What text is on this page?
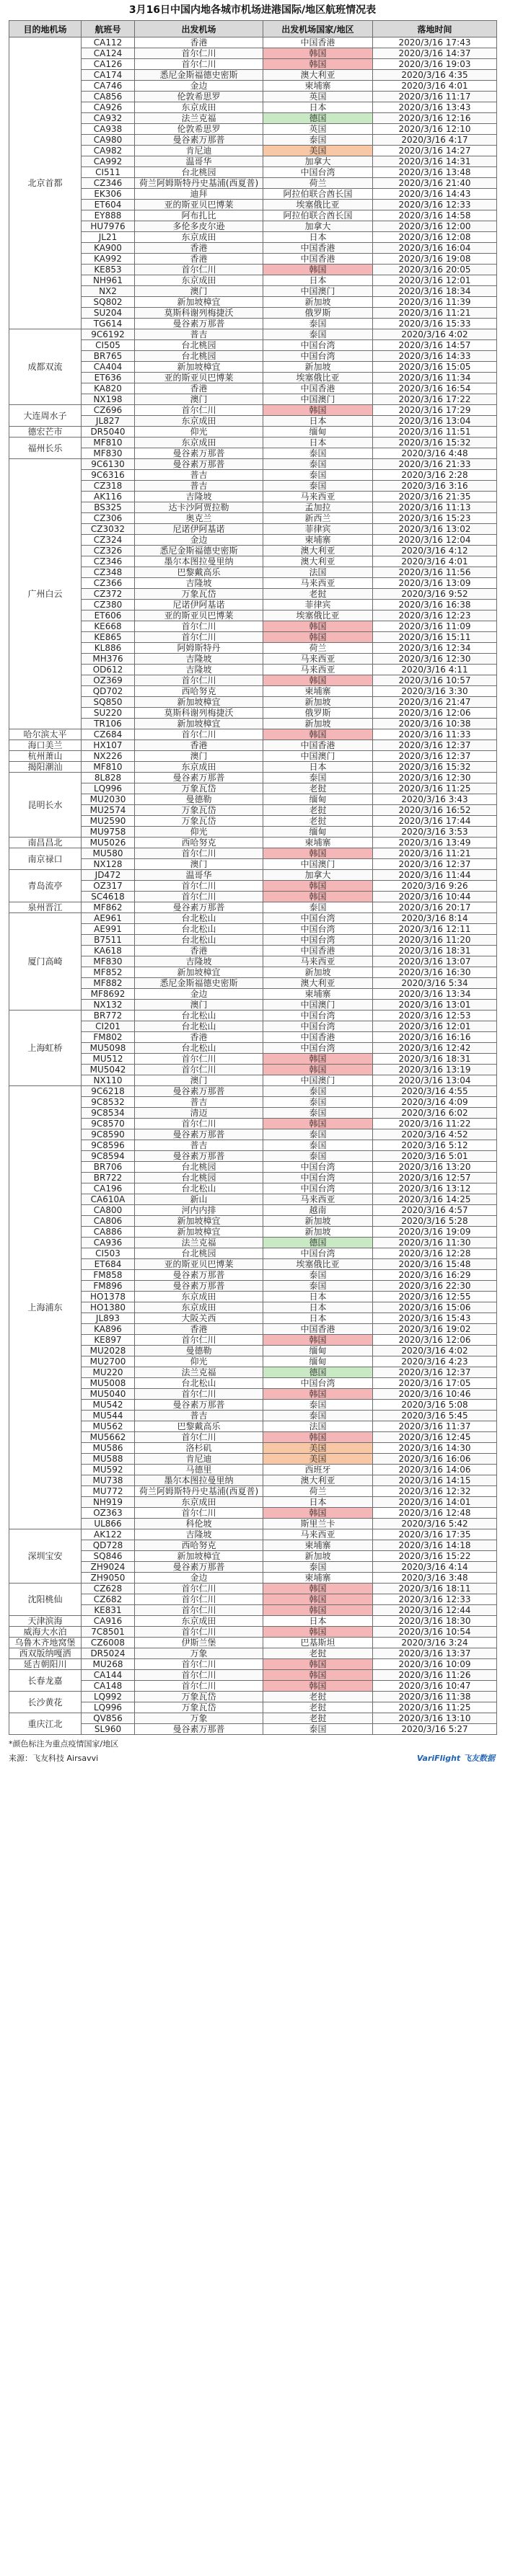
3月16日中国内地各城市机场进港国际/地区航班情况表
目的地机场	航班号	出发机场	出发机场国家/地区	落地时间
北京首都	CA112	香港	中国香港	2020/3/16 17:43
	CA124	首尔仁川	韩国	2020/3/16 14:37
	CA126	首尔仁川	韩国	2020/3/16 19:03
	CA174	悉尼金斯福德史密斯	澳大利亚	2020/3/16 4:35
	CA746	金边	柬埔寨	2020/3/16 4:01
	CA856	伦敦希思罗	英国	2020/3/16 11:17
	CA926	东京成田	日本	2020/3/16 13:43
	CA932	法兰克福	德国	2020/3/16 12:16
	CA938	伦敦希思罗	英国	2020/3/16 12:10
	CA980	曼谷素万那普	泰国	2020/3/16 4:17
	CA982	肯尼迪	美国	2020/3/16 14:27
	CA992	温哥华	加拿大	2020/3/16 14:31
	CI511	台北桃园	中国台湾	2020/3/16 13:48
	CZ346	荷兰阿姆斯特丹史基浦(西夏普)	荷兰	2020/3/16 21:40
	EK306	迪拜	阿拉伯联合酋长国	2020/3/16 14:43
	ET604	亚的斯亚贝巴博莱	埃塞俄比亚	2020/3/16 12:33
	EY888	阿布扎比	阿拉伯联合酋长国	2020/3/16 14:58
	HU7976	多伦多皮尔逊	加拿大	2020/3/16 12:00
	JL21	东京成田	日本	2020/3/16 12:08
	KA900	香港	中国香港	2020/3/16 16:04
	KA992	香港	中国香港	2020/3/16 19:08
	KE853	首尔仁川	韩国	2020/3/16 20:05
	NH961	东京成田	日本	2020/3/16 12:01
	NX2	澳门	中国澳门	2020/3/16 18:34
	SQ802	新加坡樟宜	新加坡	2020/3/16 11:39
	SU204	莫斯科谢列梅捷沃	俄罗斯	2020/3/16 11:21
	TG614	曼谷素万那普	泰国	2020/3/16 15:33
成都双流	9C6192	普吉	泰国	2020/3/16 4:02
	CI505	台北桃园	中国台湾	2020/3/16 14:57
	BR765	台北桃园	中国台湾	2020/3/16 14:33
	CA404	新加坡樟宜	新加坡	2020/3/16 15:05
	ET636	亚的斯亚贝巴博莱	埃塞俄比亚	2020/3/16 11:34
	KA820	香港	中国香港	2020/3/16 16:54
	NX198	澳门	中国澳门	2020/3/16 17:22
大连周水子	CZ696	首尔仁川	韩国	2020/3/16 17:29
	JL827	东京成田	日本	2020/3/16 13:04
德宏芒市	DR5040	仰光	缅甸	2020/3/16 11:51
福州长乐	MF810	东京成田	日本	2020/3/16 15:32
	MF830	曼谷素万那普	泰国	2020/3/16 4:48
广州白云	9C6130	曼谷素万那普	泰国	2020/3/16 21:33
	9C6316	普吉	泰国	2020/3/16 2:28
	CZ318	普吉	泰国	2020/3/16 3:16
	AK116	吉隆坡	马来西亚	2020/3/16 21:35
	BS325	达卡沙阿贾拉勒	孟加拉	2020/3/16 11:13
	CZ306	奥克兰	新西兰	2020/3/16 15:23
	CZ3032	尼诺伊阿基诺	菲律宾	2020/3/16 13:02
	CZ324	金边	柬埔寨	2020/3/16 12:04
	CZ326	悉尼金斯福德史密斯	澳大利亚	2020/3/16 4:12
	CZ346	墨尔本图拉曼里纳	澳大利亚	2020/3/16 4:01
	CZ348	巴黎戴高乐	法国	2020/3/16 11:56
	CZ366	吉隆坡	马来西亚	2020/3/16 13:09
	CZ372	万象瓦岱	老挝	2020/3/16 9:52
	CZ380	尼诺伊阿基诺	菲律宾	2020/3/16 16:38
	ET606	亚的斯亚贝巴博莱	埃塞俄比亚	2020/3/16 12:23
	KE668	首尔仁川	韩国	2020/3/16 11:09
	KE865	首尔仁川	韩国	2020/3/16 15:11
	KL886	阿姆斯特丹	荷兰	2020/3/16 12:34
	MH376	吉隆坡	马来西亚	2020/3/16 12:30
	OD612	吉隆坡	马来西亚	2020/3/16 4:11
	OZ369	首尔仁川	韩国	2020/3/16 10:57
	QD702	西哈努克	柬埔寨	2020/3/16 3:30
	SQ850	新加坡樟宜	新加坡	2020/3/16 21:47
	SU220	莫斯科谢列梅捷沃	俄罗斯	2020/3/16 12:06
	TR106	新加坡樟宜	新加坡	2020/3/16 10:38
哈尔滨太平	CZ684	首尔仁川	韩国	2020/3/16 11:33
海口美兰	HX107	香港	中国香港	2020/3/16 12:37
杭州萧山	NX226	澳门	中国澳门	2020/3/16 12:37
揭阳潮汕	MF810	东京成田	日本	2020/3/16 15:32
昆明长水	8L828	曼谷素万那普	泰国	2020/3/16 12:30
	LQ996	万象瓦岱	老挝	2020/3/16 11:25
	MU2030	曼德勒	缅甸	2020/3/16 3:43
	MU2574	万象瓦岱	老挝	2020/3/16 16:52
	MU2590	万象瓦岱	老挝	2020/3/16 17:44
	MU9758	仰光	缅甸	2020/3/16 3:53
南昌昌北	MU5026	西哈努克	柬埔寨	2020/3/16 13:49
南京禄口	MU580	首尔仁川	韩国	2020/3/16 11:21
	NX128	澳门	中国澳门	2020/3/16 12:37
青岛流亭	JD472	温哥华	加拿大	2020/3/16 11:44
	OZ317	首尔仁川	韩国	2020/3/16 9:26
	SC4618	首尔仁川	韩国	2020/3/16 10:44
泉州晋江	MF862	曼谷素万那普	泰国	2020/3/16 20:17
厦门高崎	AE961	台北松山	中国台湾	2020/3/16 8:14
	AE991	台北松山	中国台湾	2020/3/16 12:11
	B7511	台北松山	中国台湾	2020/3/16 11:20
	KA618	香港	中国香港	2020/3/16 18:31
	MF830	吉隆坡	马来西亚	2020/3/16 13:07
	MF852	新加坡樟宜	新加坡	2020/3/16 16:30
	MF882	悉尼金斯福德史密斯	澳大利亚	2020/3/16 5:34
	MF8692	金边	柬埔寨	2020/3/16 13:34
	NX132	澳门	中国澳门	2020/3/16 13:01
上海虹桥	BR772	台北松山	中国台湾	2020/3/16 12:53
	CI201	台北松山	中国台湾	2020/3/16 12:01
	FM802	香港	中国香港	2020/3/16 16:16
	MU5098	台北松山	中国台湾	2020/3/16 12:42
	MU512	首尔仁川	韩国	2020/3/16 18:31
	MU5042	首尔仁川	韩国	2020/3/16 13:19
	NX110	澳门	中国澳门	2020/3/16 13:04
上海浦东	9C6218	曼谷素万那普	泰国	2020/3/16 4:55
	9C8532	普吉	泰国	2020/3/16 4:09
	9C8534	清迈	泰国	2020/3/16 6:02
	9C8570	首尔仁川	韩国	2020/3/16 11:22
	9C8590	曼谷素万那普	泰国	2020/3/16 4:52
	9C8596	普吉	泰国	2020/3/16 5:12
	9C8594	曼谷素万那普	泰国	2020/3/16 5:01
	BR706	台北桃园	中国台湾	2020/3/16 13:20
	BR722	台北桃园	中国台湾	2020/3/16 12:57
	CA196	台北松山	中国台湾	2020/3/16 13:12
	CA610A	新山	马来西亚	2020/3/16 14:25
	CA800	河内内排	越南	2020/3/16 4:57
	CA806	新加坡樟宜	新加坡	2020/3/16 5:28
	CA886	新加坡樟宜	新加坡	2020/3/16 19:09
	CA936	法兰克福	德国	2020/3/16 11:30
	CI503	台北桃园	中国台湾	2020/3/16 12:28
	ET684	亚的斯亚贝巴博莱	埃塞俄比亚	2020/3/16 15:48
	FM858	曼谷素万那普	泰国	2020/3/16 16:29
	FM896	曼谷素万那普	泰国	2020/3/16 22:30
	HO1378	东京成田	日本	2020/3/16 12:55
	HO1380	东京成田	日本	2020/3/16 15:06
	JL893	大阪关西	日本	2020/3/16 15:43
	KA896	香港	中国香港	2020/3/16 19:02
	KE897	首尔仁川	韩国	2020/3/16 12:06
	MU2028	曼德勒	缅甸	2020/3/16 4:02
	MU2700	仰光	缅甸	2020/3/16 4:23
	MU220	法兰克福	德国	2020/3/16 12:37
	MU5008	台北松山	中国台湾	2020/3/16 17:05
	MU5040	首尔仁川	韩国	2020/3/16 10:46
	MU542	曼谷素万那普	泰国	2020/3/16 5:08
	MU544	普吉	泰国	2020/3/16 5:45
	MU562	巴黎戴高乐	法国	2020/3/16 11:37
	MU5662	首尔仁川	韩国	2020/3/16 12:45
	MU586	洛杉矶	美国	2020/3/16 14:30
	MU588	肯尼迪	美国	2020/3/16 16:06
	MU592	马德里	西班牙	2020/3/16 14:06
	MU738	墨尔本图拉曼里纳	澳大利亚	2020/3/16 14:15
	MU772	荷兰阿姆斯特丹史基浦(西夏普)	荷兰	2020/3/16 12:32
	NH919	东京成田	日本	2020/3/16 14:01
	OZ363	首尔仁川	韩国	2020/3/16 12:48
	UL866	科伦坡	斯里兰卡	2020/3/16 5:42
深圳宝安	AK122	吉隆坡	马来西亚	2020/3/16 17:35
	QD728	西哈努克	柬埔寨	2020/3/16 14:18
	SQ846	新加坡樟宜	新加坡	2020/3/16 15:22
	ZH9024	曼谷素万那普	泰国	2020/3/16 4:14
	ZH9050	金边	柬埔寨	2020/3/16 3:48
沈阳桃仙	CZ628	首尔仁川	韩国	2020/3/16 18:11
	CZ682	首尔仁川	韩国	2020/3/16 12:33
	KE831	首尔仁川	韩国	2020/3/16 12:44
天津滨海	CA916	东京成田	日本	2020/3/16 18:30
威海大水泊	7C8501	首尔仁川	韩国	2020/3/16 10:54
乌鲁木齐地窝堡	CZ6008	伊斯兰堡	巴基斯坦	2020/3/16 3:24
西双版纳嘎洒	DR5024	万象	老挝	2020/3/16 13:37
延吉朝阳川	MU268	首尔仁川	韩国	2020/3/16 10:09
长春龙嘉	CA144	首尔仁川	韩国	2020/3/16 11:26
	CA148	首尔仁川	韩国	2020/3/16 10:47
长沙黄花	LQ992	万象瓦岱	老挝	2020/3/16 11:38
	LQ996	万象瓦岱	老挝	2020/3/16 11:25
重庆江北	QV856	万象	老挝	2020/3/16 13:10
	SL960	曼谷素万那普	泰国	2020/3/16 5:27
*颜色标注为重点疫情国家/地区
来源：飞友科技 Airsavvi	VariFlight 飞友数据
